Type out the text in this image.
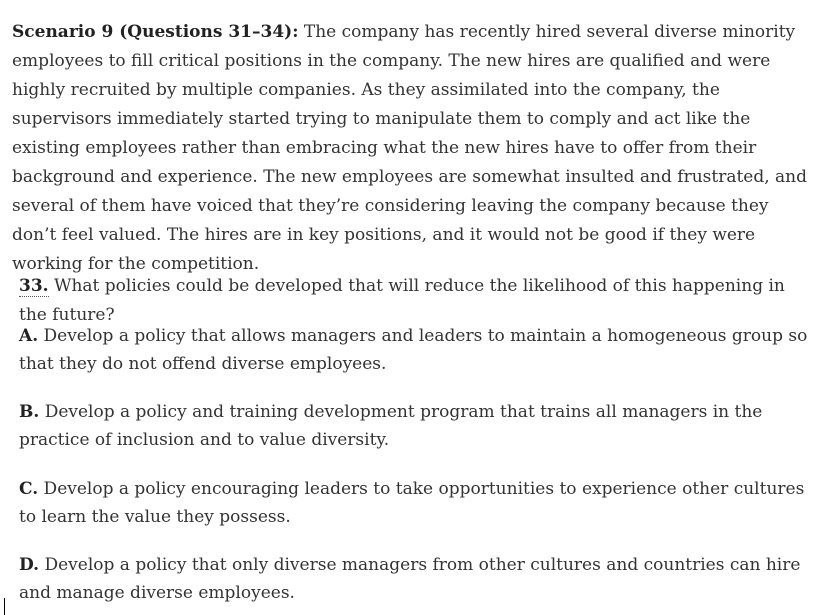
Scenario 9 (Questions 31–34): The company has recently hired several diverse minority employees to fill critical positions in the company. The new hires are qualified and were highly recruited by multiple companies. As they assimilated into the company, the supervisors immediately started trying to manipulate them to comply and act like the existing employees rather than embracing what the new hires have to offer from their background and experience. The new employees are somewhat insulted and frustrated, and several of them have voiced that they’re considering leaving the company because they don’t feel valued. The hires are in key positions, and it would not be good if they were working for the competition.

33. What policies could be developed that will reduce the likelihood of this happening in the future?

A. Develop a policy that allows managers and leaders to maintain a homogeneous group so that they do not offend diverse employees.

B. Develop a policy and training development program that trains all managers in the practice of inclusion and to value diversity.

C. Develop a policy encouraging leaders to take opportunities to experience other cultures to learn the value they possess.

D. Develop a policy that only diverse managers from other cultures and countries can hire and manage diverse employees.
